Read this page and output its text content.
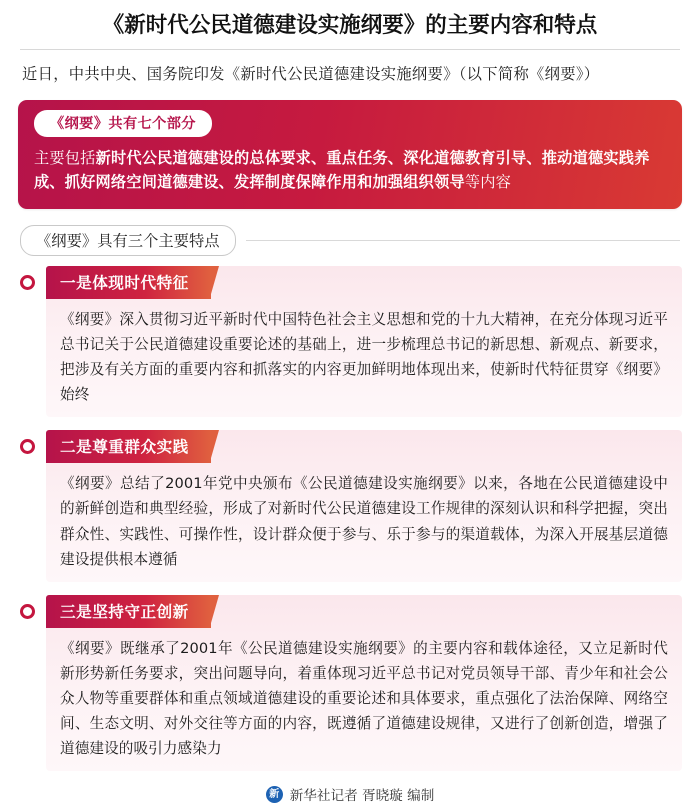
《新时代公民道德建设实施纲要》的主要内容和特点
近日，中共中央、国务院印发《新时代公民道德建设实施纲要》（以下简称《纲要》）
《纲要》共有七个部分
主要包括新时代公民道德建设的总体要求、重点任务、深化道德教育引导、推动道德实践养成、抓好网络空间道德建设、发挥制度保障作用和加强组织领导等内容
《纲要》具有三个主要特点
一是体现时代特征
《纲要》深入贯彻习近平新时代中国特色社会主义思想和党的十九大精神，在充分体现习近平总书记关于公民道德建设重要论述的基础上，进一步梳理总书记的新思想、新观点、新要求，把涉及有关方面的重要内容和抓落实的内容更加鲜明地体现出来，使新时代特征贯穿《纲要》始终
二是尊重群众实践
《纲要》总结了2001年党中央颁布《公民道德建设实施纲要》以来，各地在公民道德建设中的新鲜创造和典型经验，形成了对新时代公民道德建设工作规律的深刻认识和科学把握，突出群众性、实践性、可操作性，设计群众便于参与、乐于参与的渠道载体，为深入开展基层道德建设提供根本遵循
三是坚持守正创新
《纲要》既继承了2001年《公民道德建设实施纲要》的主要内容和载体途径，又立足新时代新形势新任务要求，突出问题导向，着重体现习近平总书记对党员领导干部、青少年和社会公众人物等重要群体和重点领域道德建设的重要论述和具体要求，重点强化了法治保障、网络空间、生态文明、对外交往等方面的内容，既遵循了道德建设规律，又进行了创新创造，增强了道德建设的吸引力感染力
新 新华社记者 胥晓璇 编制
